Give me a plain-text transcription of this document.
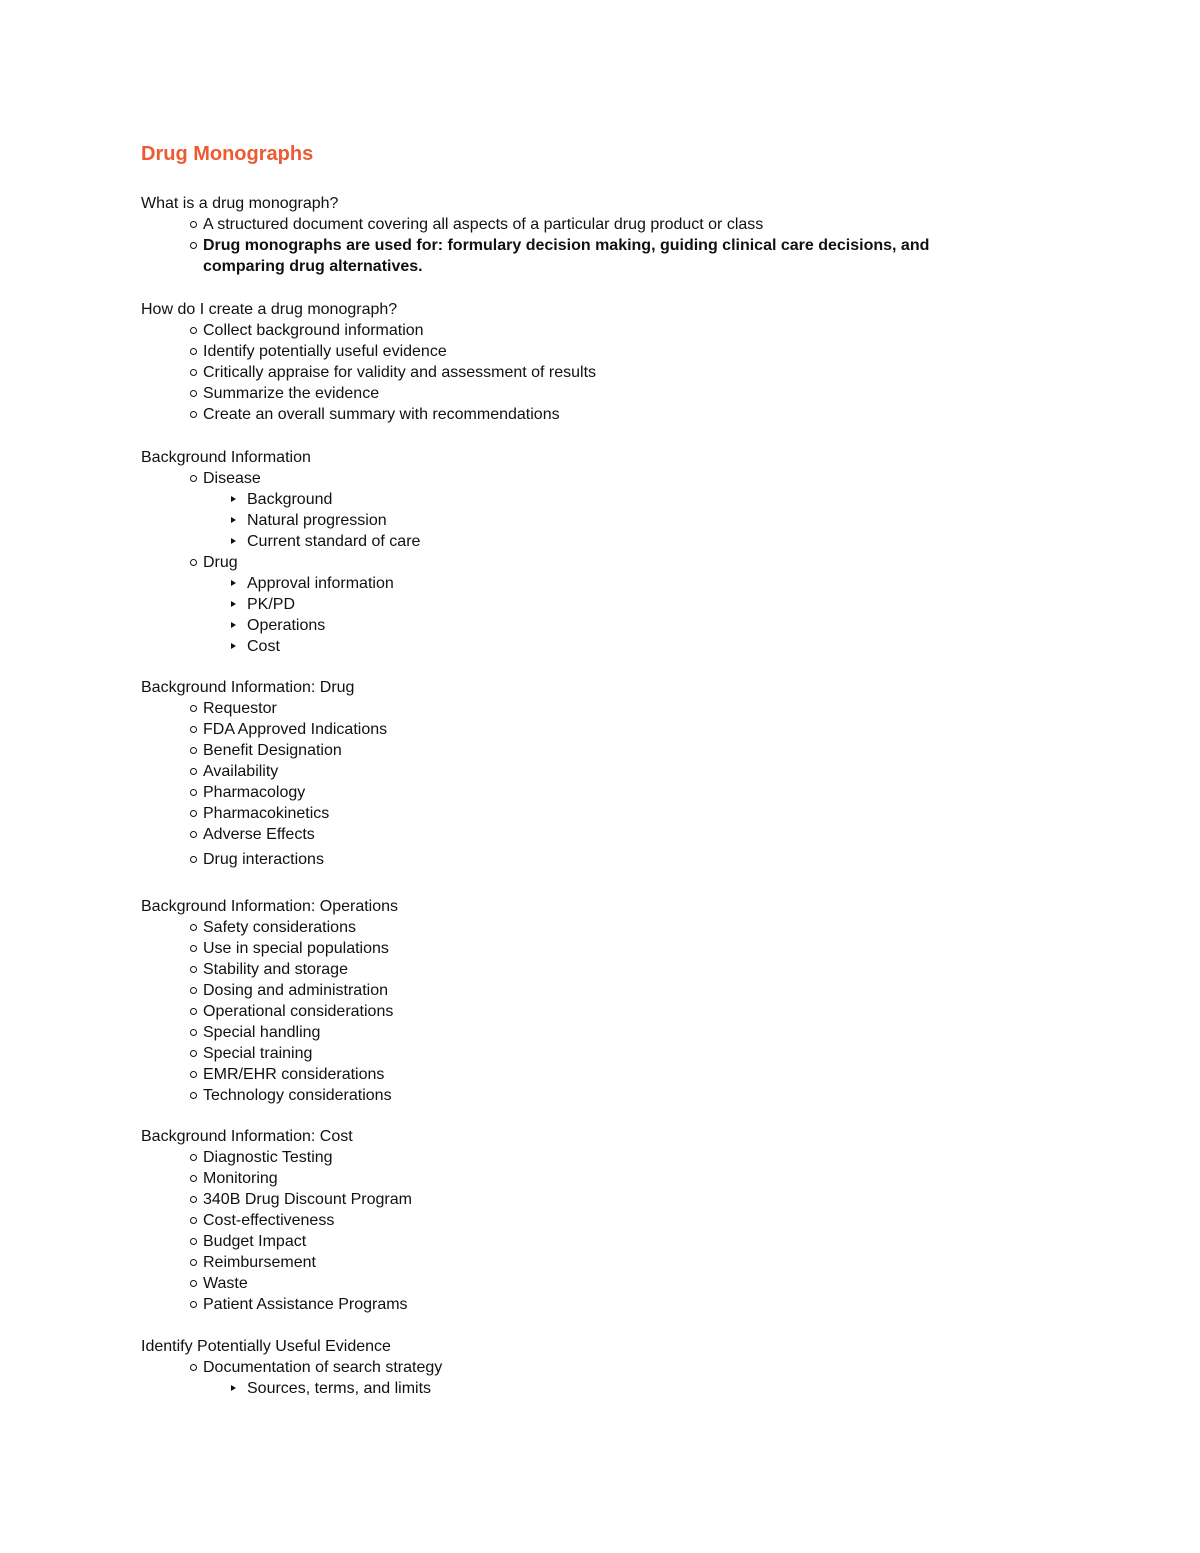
Drug Monographs
What is a drug monograph?
A structured document covering all aspects of a particular drug product or class
Drug monographs are used for: formulary decision making, guiding clinical care decisions, and comparing drug alternatives.
How do I create a drug monograph?
Collect background information
Identify potentially useful evidence
Critically appraise for validity and assessment of results
Summarize the evidence
Create an overall summary with recommendations
Background Information
Disease
Background
Natural progression
Current standard of care
Drug
Approval information
PK/PD
Operations
Cost
Background Information: Drug
Requestor
FDA Approved Indications
Benefit Designation
Availability
Pharmacology
Pharmacokinetics
Adverse Effects
Drug interactions
Background Information: Operations
Safety considerations
Use in special populations
Stability and storage
Dosing and administration
Operational considerations
Special handling
Special training
EMR/EHR considerations
Technology considerations
Background Information: Cost
Diagnostic Testing
Monitoring
340B Drug Discount Program
Cost-effectiveness
Budget Impact
Reimbursement
Waste
Patient Assistance Programs
Identify Potentially Useful Evidence
Documentation of search strategy
Sources, terms, and limits
